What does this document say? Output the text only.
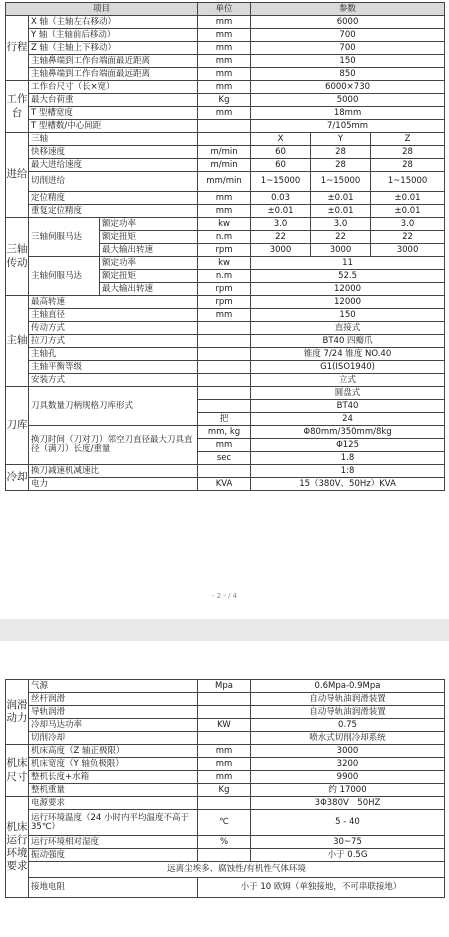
项目			单位	参数		
行程	X 轴（主轴左右移动）		mm	6000		
	Y 轴（主轴前后移动）		mm	700		
	Z 轴（主轴上下移动）		mm	700		
	主轴鼻端到工作台端面最近距离		mm	150		
	主轴鼻端到工作台端面最远距离		mm	850		
工作台	工作台尺寸（长×宽）		mm	6000×730		
	最大台荷重		Kg	5000		
	T 型槽宽度		mm	18mm		
	T 型槽数/中心间距			7/105mm		
进给	三轴			X	Y	Z
	快移速度		m/min	60	28	28
	最大进给速度		m/min	60	28	28
	切削进给		mm/min	1~15000	1~15000	1~15000
	定位精度		mm	0.03	±0.01	±0.01
	重复定位精度		mm	±0.01	±0.01	±0.01
三轴传动	三轴伺服马达	额定功率	kw	3.0	3.0	3.0
		额定扭矩	n.m	22	22	22
		最大输出转速	rpm	3000	3000	3000
	主轴伺服马达	额定功率	kw	11		
		额定扭矩	n.m	52.5		
		最大输出转速	rpm	12000		
主轴	最高转速		rpm	12000		
	主轴直径		mm	150		
	传动方式			直接式		
	拉刀方式			BT40 四瓣爪		
	主轴孔			锥度 7/24 锥度 NO.40		
	主轴平衡等级			G1(ISO1940)		
	安装方式			立式		
刀库	刀具数量刀柄规格刀库形式			圆盘式		
				BT40		
			把	24		
	换刀时间（刀对刀）邻空刀直径最大刀具直径（满刀）长度/重量		mm, kg	Φ80mm/350mm/8kg		
			mm	Φ125		
			sec	1.8		
冷却	换刀减速机减速比			1:8		
	电力		KVA	15（380V、50Hz）KVA		
- 2 - / 4
润滑动力	气源	Mpa	0.6Mpa-0.9Mpa
	丝杆润滑		自动导轨油润滑装置
	导轨润滑		自动导轨油润滑装置
	冷却马达功率	KW	0.75
	切削冷却		喷水式切削冷却系统
机床尺寸	机床高度（Z 轴正极限）	mm	3000
	机床宽度（Y 轴负极限）	mm	3200
	整机长度+水箱	mm	9900
	整机重量	Kg	约 17000
机床运行环境要求	电源要求		3Φ380V　50HZ
	运行环境温度（24 小时内平均温度不高于 35℃）	℃	5 - 40
	运行环境相对湿度	%	30~75
	振动强度		小于 0.5G
	远离尘埃多、腐蚀性/有机性气体环境		
	接地电阻	小于 10 欧姆（单独接地，不可串联接地）	
